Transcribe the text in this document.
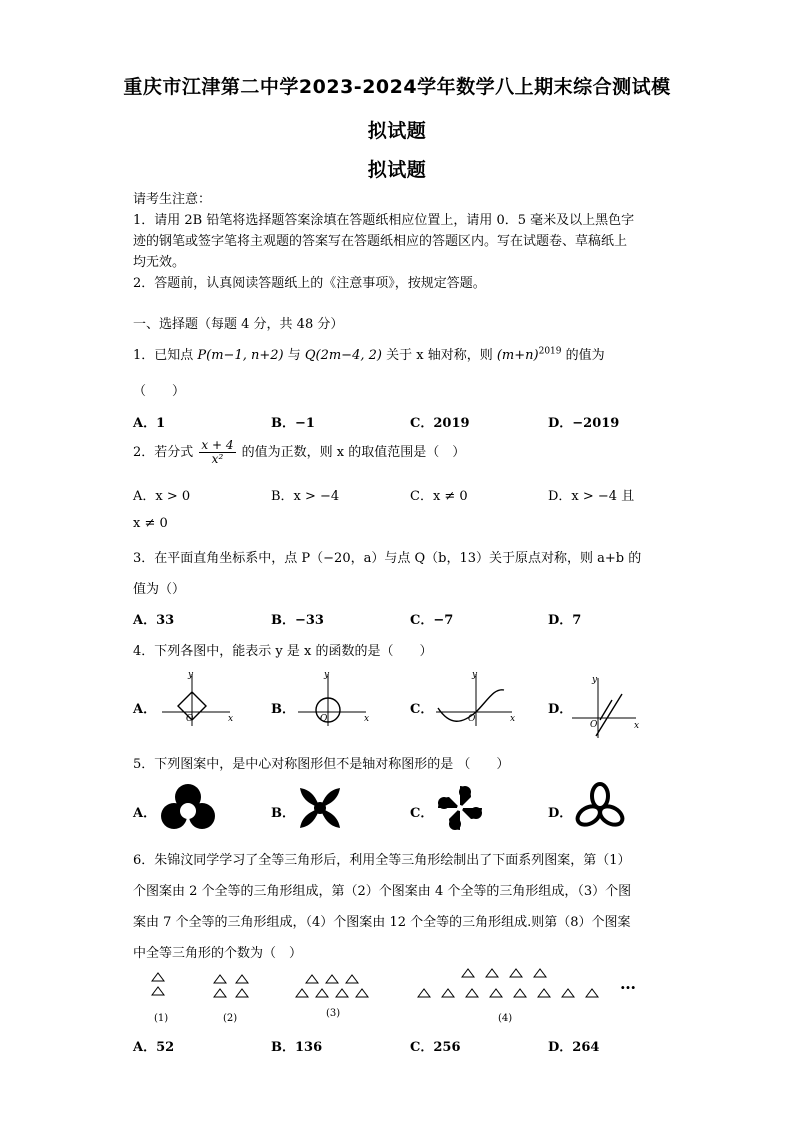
重庆市江津第二中学2023-2024学年数学八上期末综合测试模
拟试题
拟试题
请考生注意：
1．请用 2B 铅笔将选择题答案涂填在答题纸相应位置上，请用 0．5 毫米及以上黑色字
迹的钢笔或签字笔将主观题的答案写在答题纸相应的答题区内。写在试题卷、草稿纸上
均无效。
2．答题前，认真阅读答题纸上的《注意事项》，按规定答题。
一、选择题（每题 4 分，共 48 分）
1．已知点 P(m−1, n+2) 与 Q(2m−4, 2) 关于 x 轴对称，则 $(m+n)^{2019}$ 的值为
（　　）
A．1	B．−1	C．2019	D．−2019
2．若分式 $\frac{x + 4}{\text{x²}}$ 的值为正数，则 x 的取值范围是（　）
A．x > 0	B．x > −4	C．x ≠ 0	D．x > −4 且
x ≠ 0
3．在平面直角坐标系中，点 P（−20，a）与点 Q（b，13）关于原点对称，则 a+b 的
值为（）
A．33	B．−33	C．−7	D．7
4．下列各图中，能表示 y 是 x 的函数的是（　　）
A．	B．	C．	D．
y
x
O
y
x
O
y
x
O
y
x
O
5．下列图案中，是中心对称图形但不是轴对称图形的是 （　　）
A．	B．	C．	D．
6．朱锦汶同学学习了全等三角形后，利用全等三角形绘制出了下面系列图案，第（1）
个图案由 2 个全等的三角形组成，第（2）个图案由 4 个全等的三角形组成，（3）个图
案由 7 个全等的三角形组成，（4）个图案由 12 个全等的三角形组成.则第（8）个图案
中全等三角形的个数为（　）
(1)	(2)	(3)	(4)
…
A．52	B．136	C．256	D．264
